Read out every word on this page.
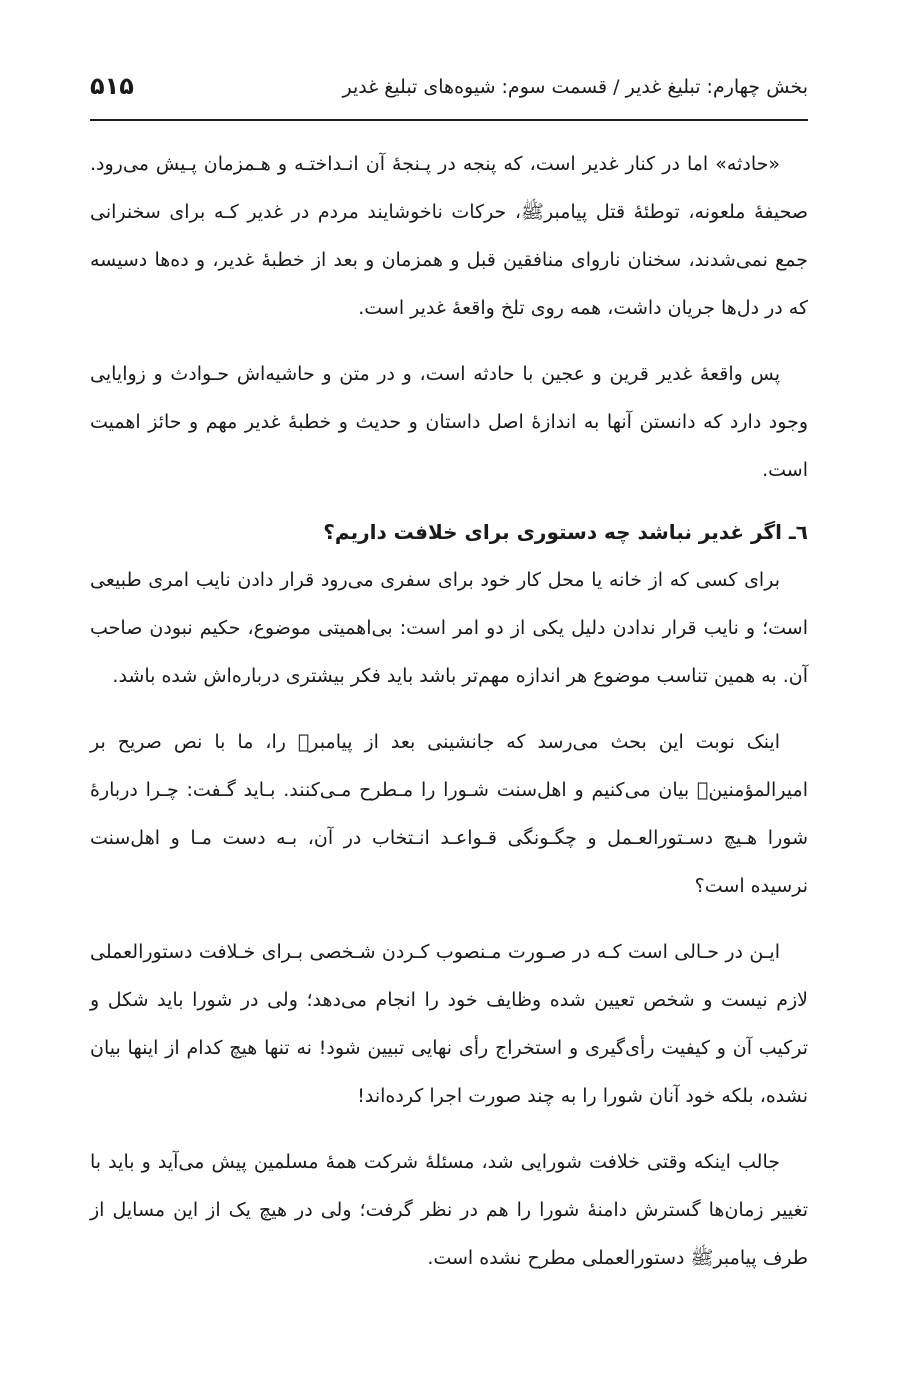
بخش چهارم: تبلیغ غدیر / قسمت سوم: شیوه‌های تبلیغ غدیر
۵۱۵

«حادثه» اما در کنار غدیر است، که پنجه در پـنجۀ آن انـداختـه و هـمزمان پـیش می‌رود. صحیفۀ ملعونه، توطئۀ قتل پیامبرﷺ، حرکات ناخوشایند مردم در غدیر کـه برای سخنرانی جمع نمی‌شدند، سخنان ناروای منافقین قبل و همزمان و بعد از خطبۀ غدیر، و ده‌ها دسیسه که در دل‌ها جریان داشت، همه روی تلخ واقعۀ غدیر است.

پس واقعۀ غدیر قرین و عجین با حادثه است، و در متن و حاشیه‌اش حـوادث و زوایایی وجود دارد که دانستن آنها به اندازۀ اصل داستان و حدیث و خطبۀ غدیر مهم و حائز اهمیت است.

٦ـ اگر غدیر نباشد چه دستوری برای خلافت داریم؟

برای کسی که از خانه یا محل کار خود برای سفری می‌رود قرار دادن نایب امری طبیعی است؛ و نایب قرار ندادن دلیل یکی از دو امر است: بی‌اهمیتی موضوع، حکیم نبودن صاحب آن. به همین تناسب موضوع هر اندازه مهم‌تر باشد باید فکر بیشتری درباره‌اش شده باشد.

اینک نوبت این بحث می‌رسد که جانشینی بعد از پیامبرﷺ را، ما با نص صریح بر امیرالمؤمنینؑ بیان می‌کنیم و اهل‌سنت شـورا را مـطرح مـی‌کنند. بـاید گـفت: چـرا دربارۀ شورا هـیچ دسـتورالعـمل و چگـونگی قـواعـد انـتخاب در آن، بـه دست مـا و اهل‌سنت نرسیده است؟

ایـن در حـالی است کـه در صـورت مـنصوب کـردن شـخصی بـرای خـلافت دستورالعملی لازم نیست و شخص تعیین شده وظایف خود را انجام می‌دهد؛ ولی در شورا باید شکل و ترکیب آن و کیفیت رأی‌گیری و استخراج رأی نهایی تبیین شود! نه تنها هیچ کدام از اینها بیان نشده، بلکه خود آنان شورا را به چند صورت اجرا کرده‌اند!

جالب اینکه وقتی خلافت شورایی شد، مسئلۀ شرکت همۀ مسلمین پیش می‌آید و باید با تغییر زمان‌ها گسترش دامنۀ شورا را هم در نظر گرفت؛ ولی در هیچ یک از این مسایل از طرف پیامبرﷺ دستورالعملی مطرح نشده است.
